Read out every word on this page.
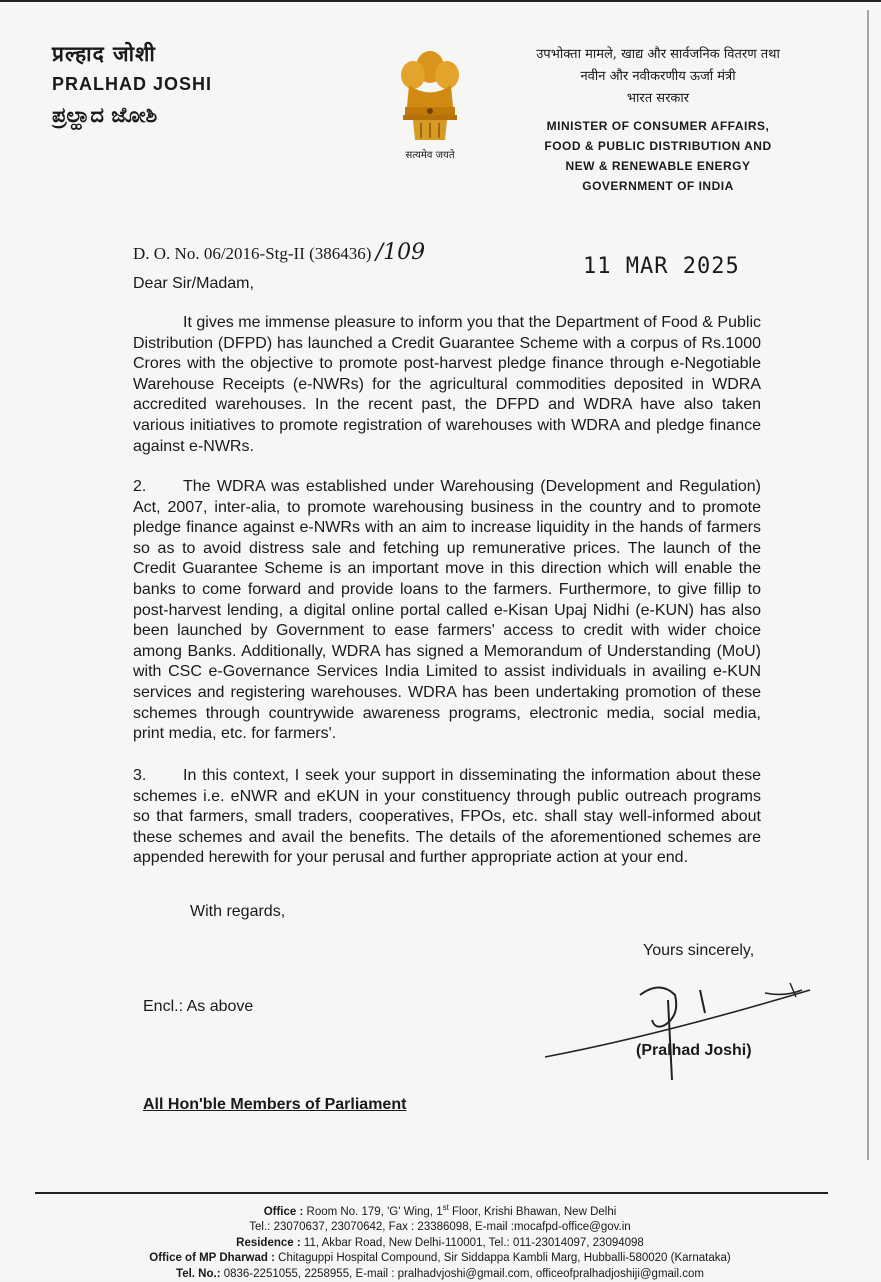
प्रल्हाद जोशी
PRALHAD JOSHI
ಪ್ರಲ್ಹಾದ ಜೋಶಿ
सत्यमेव जयते
उपभोक्ता मामले, खाद्य और सार्वजनिक वितरण तथा
नवीन और नवीकरणीय ऊर्जा मंत्री
भारत सरकार
MINISTER OF CONSUMER AFFAIRS,
FOOD & PUBLIC DISTRIBUTION AND
NEW & RENEWABLE ENERGY
GOVERNMENT OF INDIA
D. O. No. 06/2016-Stg-II (386436) /109
11 MAR 2025
Dear Sir/Madam,
It gives me immense pleasure to inform you that the Department of Food & Public Distribution (DFPD) has launched a Credit Guarantee Scheme with a corpus of Rs.1000 Crores with the objective to promote post-harvest pledge finance through e-Negotiable Warehouse Receipts (e-NWRs) for the agricultural commodities deposited in WDRA accredited warehouses. In the recent past, the DFPD and WDRA have also taken various initiatives to promote registration of warehouses with WDRA and pledge finance against e-NWRs.
2. The WDRA was established under Warehousing (Development and Regulation) Act, 2007, inter-alia, to promote warehousing business in the country and to promote pledge finance against e-NWRs with an aim to increase liquidity in the hands of farmers so as to avoid distress sale and fetching up remunerative prices. The launch of the Credit Guarantee Scheme is an important move in this direction which will enable the banks to come forward and provide loans to the farmers. Furthermore, to give fillip to post-harvest lending, a digital online portal called e-Kisan Upaj Nidhi (e-KUN) has also been launched by Government to ease farmers' access to credit with wider choice among Banks. Additionally, WDRA has signed a Memorandum of Understanding (MoU) with CSC e-Governance Services India Limited to assist individuals in availing e-KUN services and registering warehouses. WDRA has been undertaking promotion of these schemes through countrywide awareness programs, electronic media, social media, print media, etc. for farmers'.
3. In this context, I seek your support in disseminating the information about these schemes i.e. eNWR and eKUN in your constituency through public outreach programs so that farmers, small traders, cooperatives, FPOs, etc. shall stay well-informed about these schemes and avail the benefits. The details of the aforementioned schemes are appended herewith for your perusal and further appropriate action at your end.
With regards,
Yours sincerely,
Encl.: As above
(Pralhad Joshi)
All Hon'ble Members of Parliament
Office : Room No. 179, 'G' Wing, 1st Floor, Krishi Bhawan, New Delhi
Tel.: 23070637, 23070642, Fax : 23386098, E-mail :mocafpd-office@gov.in
Residence : 11, Akbar Road, New Delhi-110001, Tel.: 011-23014097, 23094098
Office of MP Dharwad : Chitaguppi Hospital Compound, Sir Siddappa Kambli Marg, Hubballi-580020 (Karnataka)
Tel. No.: 0836-2251055, 2258955, E-mail : pralhadvjoshi@gmail.com, officeofpralhadjoshiji@gmail.com
